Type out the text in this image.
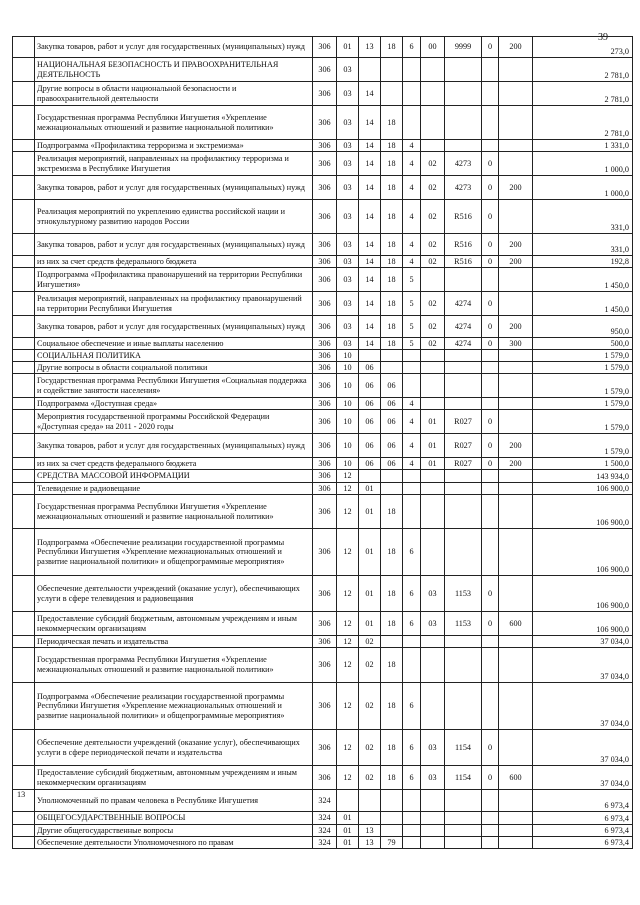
39
	Закупка товаров, работ и услуг для государственных (муниципальных) нужд	306	01	13	18	6	00	9999	0	200	273,0
	НАЦИОНАЛЬНАЯ БЕЗОПАСНОСТЬ И ПРАВООХРАНИТЕЛЬНАЯ ДЕЯТЕЛЬНОСТЬ	306	03								2 781,0
	Другие вопросы в области национальной безопасности и правоохранительной деятельности	306	03	14							2 781,0
	Государственная программа Республики Ингушетия «Укрепление межнациональных отношений и развитие национальной политики»	306	03	14	18						2 781,0
	Подпрограмма «Профилактика терроризма и экстремизма»	306	03	14	18	4					1 331,0
	Реализация мероприятий, направленных на профилактику терроризма и экстремизма в Республике Ингушетия	306	03	14	18	4	02	4273	0		1 000,0
	Закупка товаров, работ и услуг для государственных (муниципальных) нужд	306	03	14	18	4	02	4273	0	200	1 000,0
	Реализация мероприятий по укреплению единства российской нации и этнокультурному развитию народов России	306	03	14	18	4	02	R516	0		331,0
	Закупка товаров, работ и услуг для государственных (муниципальных) нужд	306	03	14	18	4	02	R516	0	200	331,0
	из них за счет средств федерального бюджета	306	03	14	18	4	02	R516	0	200	192,8
	Подпрограмма «Профилактика правонарушений на территории Республики Ингушетия»	306	03	14	18	5					1 450,0
	Реализация мероприятий, направленных на профилактику правонарушений на территории Республики Ингушетия	306	03	14	18	5	02	4274	0		1 450,0
	Закупка товаров, работ и услуг для государственных (муниципальных) нужд	306	03	14	18	5	02	4274	0	200	950,0
	Социальное обеспечение и иные выплаты населению	306	03	14	18	5	02	4274	0	300	500,0
	СОЦИАЛЬНАЯ ПОЛИТИКА	306	10								1 579,0
	Другие вопросы в области социальной политики	306	10	06							1 579,0
	Государственная программа Республики Ингушетия «Социальная поддержка и содействие занятости населения»	306	10	06	06						1 579,0
	Подпрограмма «Доступная среда»	306	10	06	06	4					1 579,0
	Мероприятия государственной программы Российской Федерации «Доступная среда» на 2011 - 2020 годы	306	10	06	06	4	01	R027	0		1 579,0
	Закупка товаров, работ и услуг для государственных (муниципальных) нужд	306	10	06	06	4	01	R027	0	200	1 579,0
	из них за счет средств федерального бюджета	306	10	06	06	4	01	R027	0	200	1 500,0
	СРЕДСТВА МАССОВОЙ ИНФОРМАЦИИ	306	12								143 934,0
	Телевидение и радиовещание	306	12	01							106 900,0
	Государственная программа Республики Ингушетия «Укрепление межнациональных отношений и развитие национальной политики»	306	12	01	18						106 900,0
	Подпрограмма «Обеспечение реализации государственной программы Республики Ингушетия «Укрепление межнациональных отношений и развитие национальной политики» и общепрограммные мероприятия»	306	12	01	18	6					106 900,0
	Обеспечение деятельности учреждений (оказание услуг), обеспечивающих услуги в сфере телевидения и радиовещания	306	12	01	18	6	03	1153	0		106 900,0
	Предоставление субсидий бюджетным, автономным учреждениям и иным некоммерческим организациям	306	12	01	18	6	03	1153	0	600	106 900,0
	Периодическая печать и издательства	306	12	02							37 034,0
	Государственная программа Республики Ингушетия «Укрепление межнациональных отношений и развитие национальной политики»	306	12	02	18						37 034,0
	Подпрограмма «Обеспечение реализации государственной программы Республики Ингушетия «Укрепление межнациональных отношений и развитие национальной политики» и общепрограммные мероприятия»	306	12	02	18	6					37 034,0
	Обеспечение деятельности учреждений (оказание услуг), обеспечивающих услуги в сфере периодической печати и издательства	306	12	02	18	6	03	1154	0		37 034,0
	Предоставление субсидий бюджетным, автономным учреждениям и иным некоммерческим организациям	306	12	02	18	6	03	1154	0	600	37 034,0
13	Уполномоченный по правам человека в Республике Ингушетия	324									6 973,4
	ОБЩЕГОСУДАРСТВЕННЫЕ ВОПРОСЫ	324	01								6 973,4
	Другие общегосударственные вопросы	324	01	13							6 973,4
	Обеспечение деятельности Уполномоченного по правам	324	01	13	79						6 973,4
